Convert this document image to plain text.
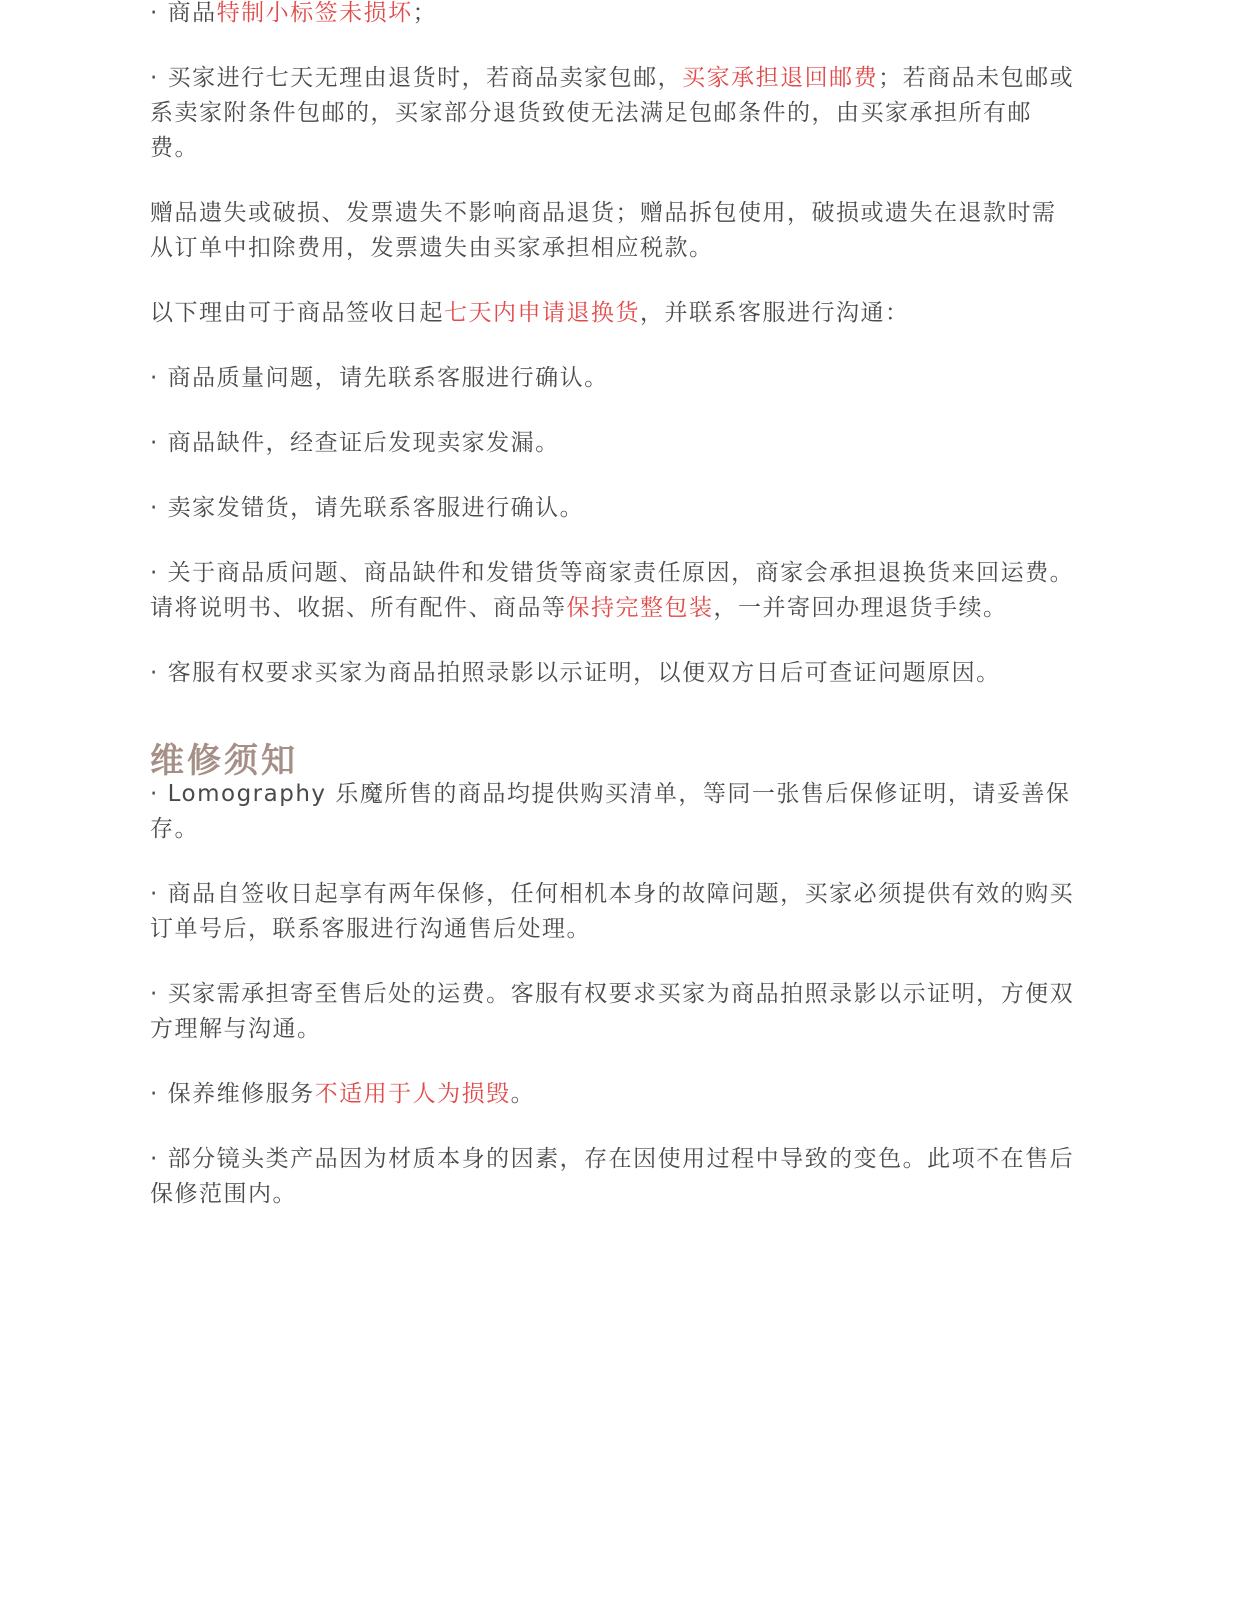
· 商品特制小标签未损坏；

· 买家进行七天无理由退货时，若商品卖家包邮，买家承担退回邮费；若商品未包邮或系卖家附条件包邮的，买家部分退货致使无法满足包邮条件的，由买家承担所有邮费。

赠品遗失或破损、发票遗失不影响商品退货；赠品拆包使用，破损或遗失在退款时需从订单中扣除费用，发票遗失由买家承担相应税款。

以下理由可于商品签收日起七天内申请退换货，并联系客服进行沟通：

· 商品质量问题，请先联系客服进行确认。

· 商品缺件，经查证后发现卖家发漏。

· 卖家发错货，请先联系客服进行确认。

· 关于商品质问题、商品缺件和发错货等商家责任原因，商家会承担退换货来回运费。请将说明书、收据、所有配件、商品等保持完整包装，一并寄回办理退货手续。

· 客服有权要求买家为商品拍照录影以示证明，以便双方日后可查证问题原因。

维修须知

· Lomography 乐魔所售的商品均提供购买清单，等同一张售后保修证明，请妥善保存。

· 商品自签收日起享有两年保修，任何相机本身的故障问题，买家必须提供有效的购买订单号后，联系客服进行沟通售后处理。

· 买家需承担寄至售后处的运费。客服有权要求买家为商品拍照录影以示证明，方便双方理解与沟通。

· 保养维修服务不适用于人为损毁。

· 部分镜头类产品因为材质本身的因素，存在因使用过程中导致的变色。此项不在售后保修范围内。
